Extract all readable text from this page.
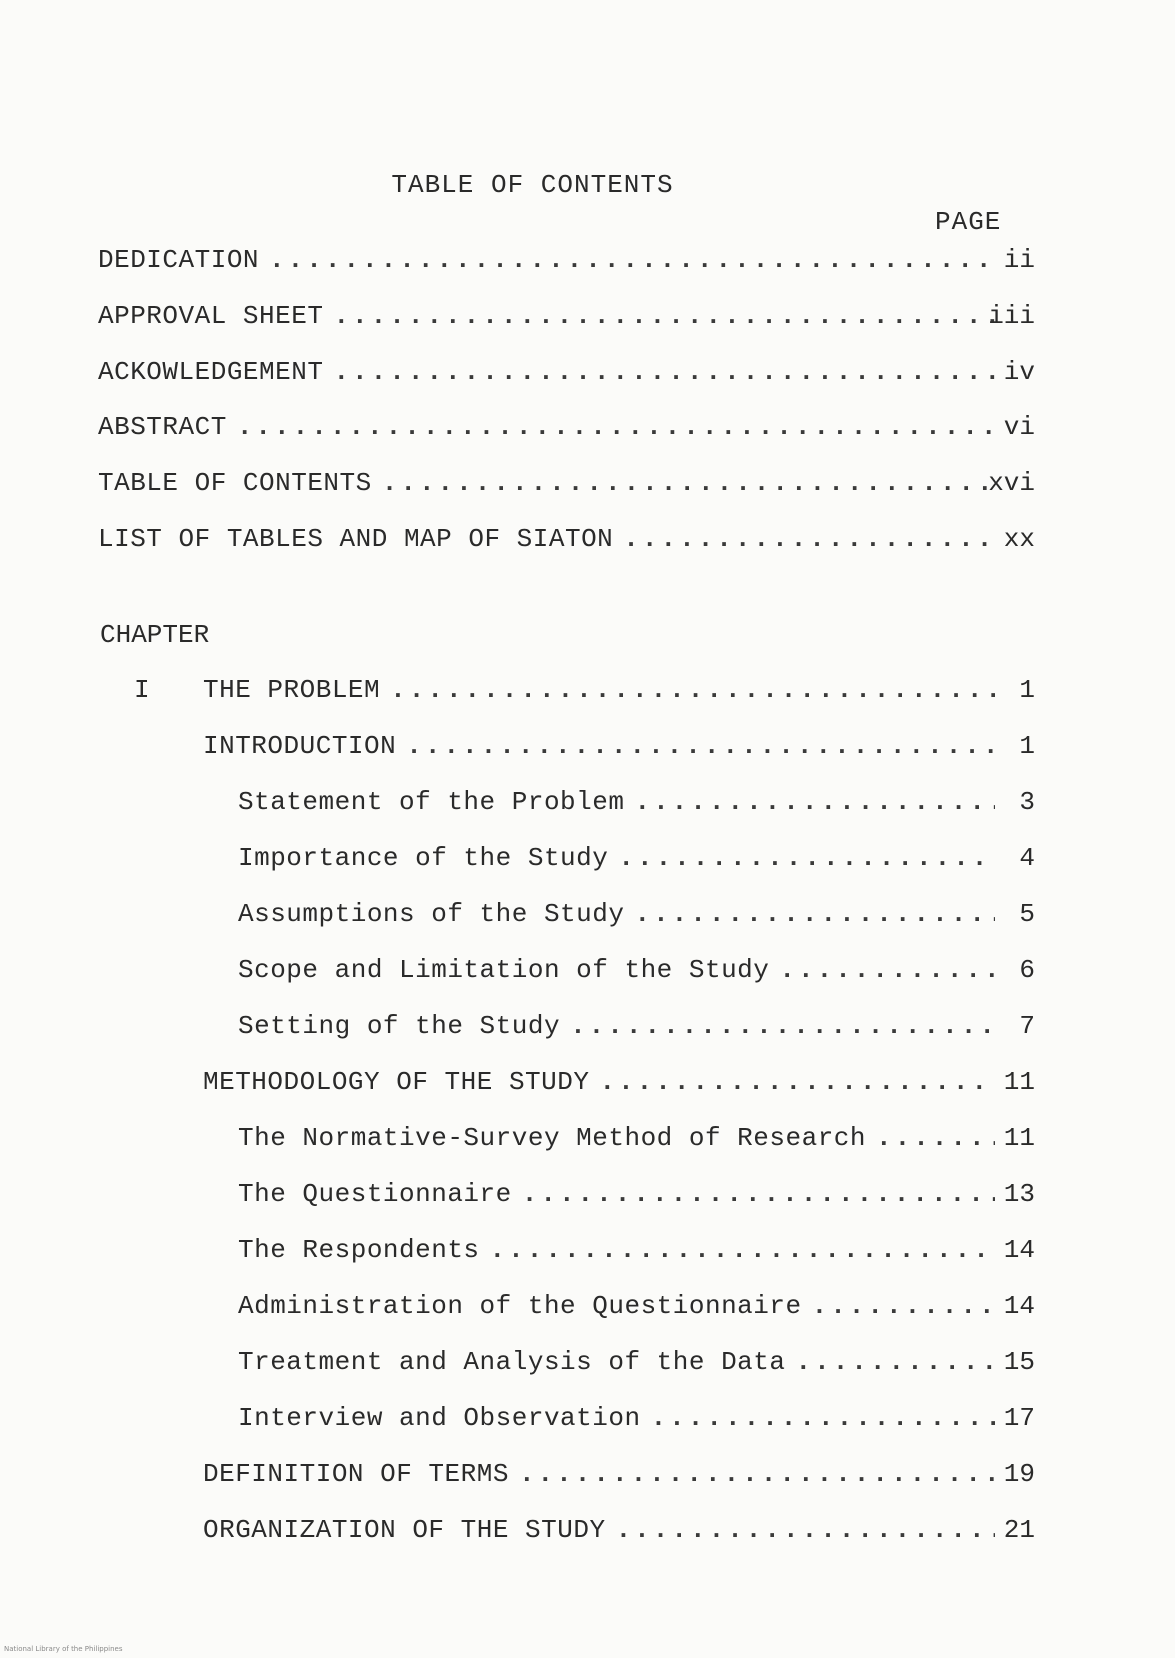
TABLE OF CONTENTS
PAGE
DEDICATION .....	ii
APPROVAL SHEET .....	iii
ACKOWLEDGEMENT .....	iv
ABSTRACT .....	vi
TABLE OF CONTENTS .....	xvi
LIST OF TABLES AND MAP OF SIATON .....	xx
CHAPTER
I THE PROBLEM .....	1
INTRODUCTION .....	1
Statement of the Problem .....	3
Importance of the Study .....	4
Assumptions of the Study .....	5
Scope and Limitation of the Study .....	6
Setting of the Study .....	7
METHODOLOGY OF THE STUDY .....	11
The Normative-Survey Method of Research .....	11
The Questionnaire .....	13
The Respondents .....	14
Administration of the Questionnaire .....	14
Treatment and Analysis of the Data .....	15
Interview and Observation .....	17
DEFINITION OF TERMS .....	19
ORGANIZATION OF THE STUDY .....	21
National Library of the Philippines
